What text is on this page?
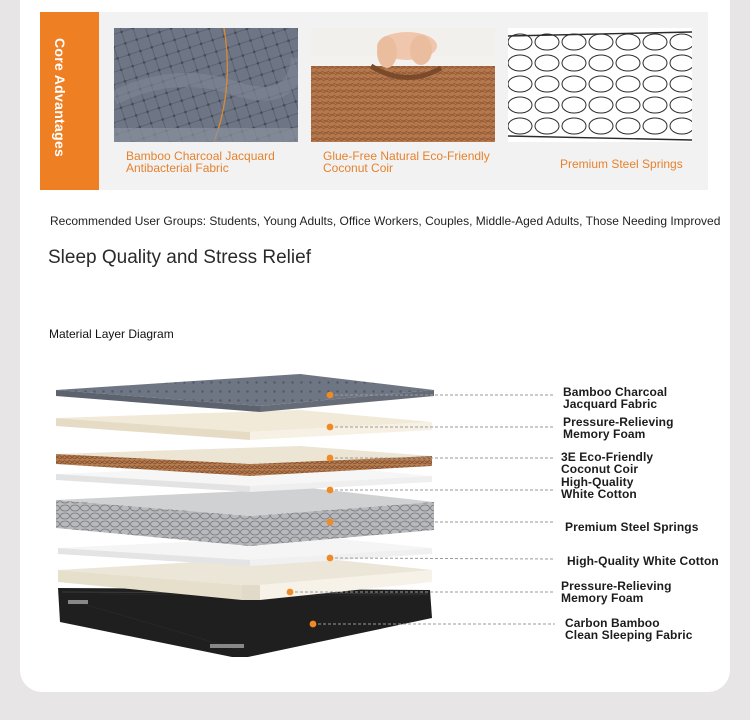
Core Advantages	Bamboo Charcoal Jacquard Antibacterial Fabric
Glue-Free Natural Eco-Friendly Coconut Coir	Premium Steel Springs
Recommended User Groups: Students, Young Adults, Office Workers, Couples, Middle-Aged Adults, Those Needing Improved
Sleep Quality and Stress Relief
Material Layer Diagram
Bamboo Charcoal Jacquard Fabric
Pressure-Relieving Memory Foam
3E Eco-Friendly Coconut Coir
High-Quality White Cotton
Premium Steel Springs
High-Quality White Cotton
Pressure-Relieving Memory Foam
Carbon Bamboo Clean Sleeping Fabric
